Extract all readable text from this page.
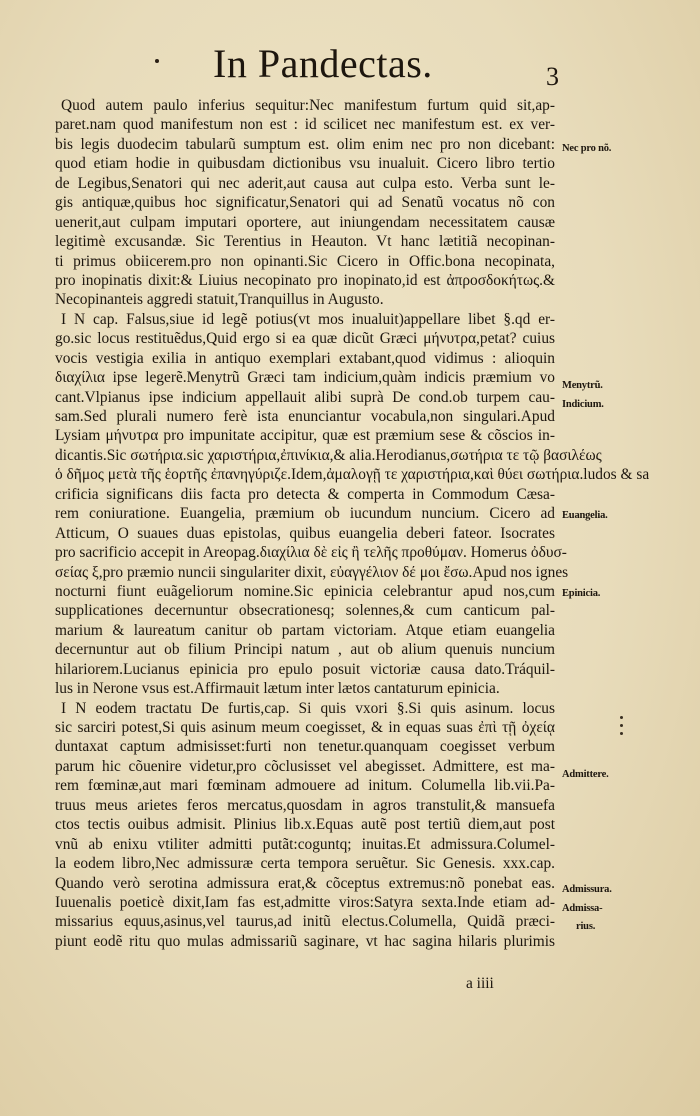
In Pandectas.	3
Quod autem paulo inferius sequitur:Nec manifestum furtum quid sit,ap-
paret.nam quod manifestum non est : id scilicet nec manifestum est. ex ver-
bis legis duodecim tabularũ sumptum est. olim enim nec pro non dicebant:
quod etiam hodie in quibusdam dictionibus vsu inualuit. Cicero libro tertio
de Legibus,Senatori qui nec aderit,aut causa aut culpa esto. Verba sunt le-
gis antiquæ,quibus hoc significatur,Senatori qui ad Senatũ vocatus nõ con
uenerit,aut culpam imputari oportere, aut iniungendam necessitatem causæ
legitimè excusandæ. Sic Terentius in Heauton. Vt hanc lætitiã necopinan-
ti primus obiicerem.pro non opinanti.Sic Cicero in Offic.bona necopinata,
pro inopinatis dixit:& Liuius necopinato pro inopinato,id est ἀπροσδοκήτως.&
Necopinanteis aggredi statuit,Tranquillus in Augusto.
I N cap. Falsus,siue id legẽ potius(vt mos inualuit)appellare libet §.qd er-
go.sic locus restituẽdus,Quid ergo si ea quæ dicũt Græci μήνυτρα,petat? cuius
vocis vestigia exilia in antiquo exemplari extabant,quod vidimus : alioquin
διαχίλια ipse legerẽ.Menytrũ Græci tam indicium,quàm indicis præmium vo
cant.Vlpianus ipse indicium appellauit alibi suprà De cond.ob turpem cau-
sam.Sed plurali numero ferè ista enunciantur vocabula,non singulari.Apud
Lysiam μήνυτρα pro impunitate accipitur, quæ est præmium sese & cõscios in-
dicantis.Sic σωτήρια.sic χαριστήρια,ἐπινίκια,& alia.Herodianus,σωτήρια τε τῷ βασιλέως
ὁ δῆμος μετὰ τῆς ἑορτῆς ἐπανηγύριζε.Idem,ἀμαλογῇ τε χαριστήρια,καὶ θύει σωτήρια.ludos & sa
crificia significans diis facta pro detecta & comperta in Commodum Cæsa-
rem coniuratione. Euangelia, præmium ob iucundum nuncium. Cicero ad
Atticum, O suaues duas epistolas, quibus euangelia deberi fateor. Isocrates
pro sacrificio accepit in Areopag.διαχίλια δὲ εἰς ἢ τελῆς προθύμαν. Homerus ὀδυσ-
σείας ξ,pro præmio nuncii singulariter dixit, εὐαγγέλιον δέ μοι ἔσω.Apud nos ignes
nocturni fiunt euãgeliorum nomine.Sic epinicia celebrantur apud nos,cum
supplicationes decernuntur obsecrationesq; solennes,& cum canticum pal-
marium & laureatum canitur ob partam victoriam. Atque etiam euangelia
decernuntur aut ob filium Principi natum , aut ob alium quenuis nuncium
hilariorem.Lucianus epinicia pro epulo posuit victoriæ causa dato.Tráquil-
lus in Nerone vsus est.Affirmauit lætum inter lætos cantaturum epinicia.
I N eodem tractatu De furtis,cap. Si quis vxori §.Si quis asinum. locus
sic sarciri potest,Si quis asinum meum coegisset, & in equas suas ἐπὶ τῇ ὀχείᾳ
duntaxat captum admisisset:furti non tenetur.quanquam coegisset verbum
parum hic cõuenire videtur,pro cõclusisset vel abegisset. Admittere, est ma-
rem fœminæ,aut mari fœminam admouere ad initum. Columella lib.vii.Pa-
truus meus arietes feros mercatus,quosdam in agros transtulit,& mansuefa
ctos tectis ouibus admisit. Plinius lib.x.Equas autẽ post tertiũ diem,aut post
vnũ ab enixu vtiliter admitti putãt:coguntq; inuitas.Et admissura.Columel-
la eodem libro,Nec admissuræ certa tempora seruẽtur. Sic Genesis. xxx.cap.
Quando verò serotina admissura erat,& cõceptus extremus:nõ ponebat eas.
Iuuenalis poeticè dixit,Iam fas est,admitte viros:Satyra sexta.Inde etiam ad-
missarius equus,asinus,vel taurus,ad initũ electus.Columella, Quidã præci-
piunt eodẽ ritu quo mulas admissariũ saginare, vt hac sagina hilaris plurimis
Nec pro nõ.
Menytrũ.
Indicium.
Euangelia.
Epinicia.
Admittere.
Admissura.
Admissa-
rius.
a iiii
